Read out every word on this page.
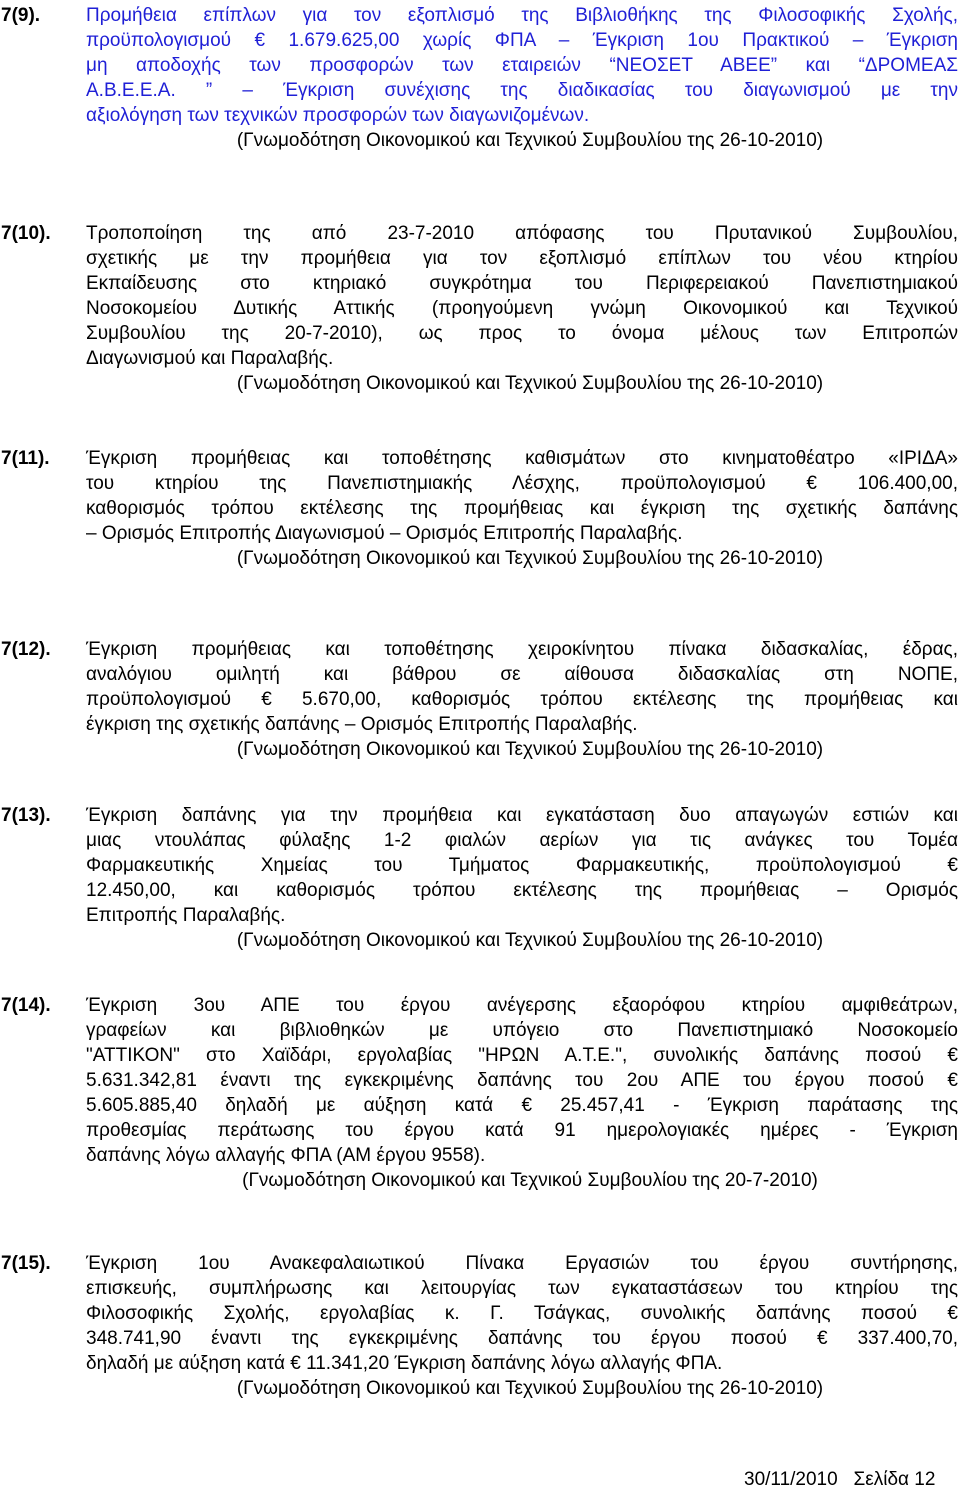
7(9). Προμήθεια επίπλων για τον εξοπλισμό της Βιβλιοθήκης της Φιλοσοφικής Σχολής,
προϋπολογισμού € 1.679.625,00 χωρίς ΦΠΑ – Έγκριση 1ου Πρακτικού – Έγκριση
μη αποδοχής των προσφορών των εταιρειών “ΝΕΟΣΕΤ ΑΒΕΕ” και “ΔΡΟΜΕΑΣ
Α.Β.Ε.Ε.Α. ” – Έγκριση συνέχισης της διαδικασίας του διαγωνισμού με την
αξιολόγηση των τεχνικών προσφορών των διαγωνιζομένων.
(Γνωμοδότηση Οικονομικού και Τεχνικού Συμβουλίου της 26-10-2010)
7(10). Τροποποίηση της από 23-7-2010 απόφασης του Πρυτανικού Συμβουλίου,
σχετικής με την προμήθεια για τον εξοπλισμό επίπλων του νέου κτηρίου
Εκπαίδευσης στο κτηριακό συγκρότημα του Περιφερειακού Πανεπιστημιακού
Νοσοκομείου Δυτικής Αττικής (προηγούμενη γνώμη Οικονομικού και Τεχνικού
Συμβουλίου της 20-7-2010), ως προς το όνομα μέλους των Επιτροπών
Διαγωνισμού και Παραλαβής.
(Γνωμοδότηση Οικονομικού και Τεχνικού Συμβουλίου της 26-10-2010)
7(11). Έγκριση προμήθειας και τοποθέτησης καθισμάτων στο κινηματοθέατρο «ΙΡΙΔΑ»
του κτηρίου της Πανεπιστημιακής Λέσχης, προϋπολογισμού € 106.400,00,
καθορισμός τρόπου εκτέλεσης της προμήθειας και έγκριση της σχετικής δαπάνης
– Ορισμός Επιτροπής Διαγωνισμού – Ορισμός Επιτροπής Παραλαβής.
(Γνωμοδότηση Οικονομικού και Τεχνικού Συμβουλίου της 26-10-2010)
7(12). Έγκριση προμήθειας και τοποθέτησης χειροκίνητου πίνακα διδασκαλίας, έδρας,
αναλόγιου ομιλητή και βάθρου σε αίθουσα διδασκαλίας στη ΝΟΠΕ,
προϋπολογισμού € 5.670,00, καθορισμός τρόπου εκτέλεσης της προμήθειας και
έγκριση της σχετικής δαπάνης – Ορισμός Επιτροπής Παραλαβής.
(Γνωμοδότηση Οικονομικού και Τεχνικού Συμβουλίου της 26-10-2010)
7(13). Έγκριση δαπάνης για την προμήθεια και εγκατάσταση δυο απαγωγών εστιών και
μιας ντουλάπας φύλαξης 1-2 φιαλών αερίων για τις ανάγκες του Τομέα
Φαρμακευτικής Χημείας του Τμήματος Φαρμακευτικής, προϋπολογισμού €
12.450,00, και καθορισμός τρόπου εκτέλεσης της προμήθειας – Ορισμός
Επιτροπής Παραλαβής.
(Γνωμοδότηση Οικονομικού και Τεχνικού Συμβουλίου της 26-10-2010)
7(14). Έγκριση 3ου ΑΠΕ του έργου ανέγερσης εξαορόφου κτηρίου αμφιθεάτρων,
γραφείων και βιβλιοθηκών με υπόγειο στο Πανεπιστημιακό Νοσοκομείο
"ΑΤΤΙΚΟΝ" στο Χαϊδάρι, εργολαβίας "ΗΡΩΝ Α.Τ.Ε.", συνολικής δαπάνης ποσού €
5.631.342,81 έναντι της εγκεκριμένης δαπάνης του 2ου ΑΠΕ του έργου ποσού €
5.605.885,40 δηλαδή με αύξηση κατά € 25.457,41 - Έγκριση παράτασης της
προθεσμίας περάτωσης του έργου κατά 91 ημερολογιακές ημέρες - Έγκριση
δαπάνης λόγω αλλαγής ΦΠΑ (ΑΜ έργου 9558).
(Γνωμοδότηση Οικονομικού και Τεχνικού Συμβουλίου της 20-7-2010)
7(15). Έγκριση 1ου Ανακεφαλαιωτικού Πίνακα Εργασιών του έργου συντήρησης,
επισκευής, συμπλήρωσης και λειτουργίας των εγκαταστάσεων του κτηρίου της
Φιλοσοφικής Σχολής, εργολαβίας κ. Γ. Τσάγκας, συνολικής δαπάνης ποσού €
348.741,90 έναντι της εγκεκριμένης δαπάνης του έργου ποσού € 337.400,70,
δηλαδή με αύξηση κατά € 11.341,20 Έγκριση δαπάνης λόγω αλλαγής ΦΠΑ.
(Γνωμοδότηση Οικονομικού και Τεχνικού Συμβουλίου της 26-10-2010)
30/11/2010 Σελίδα 12
